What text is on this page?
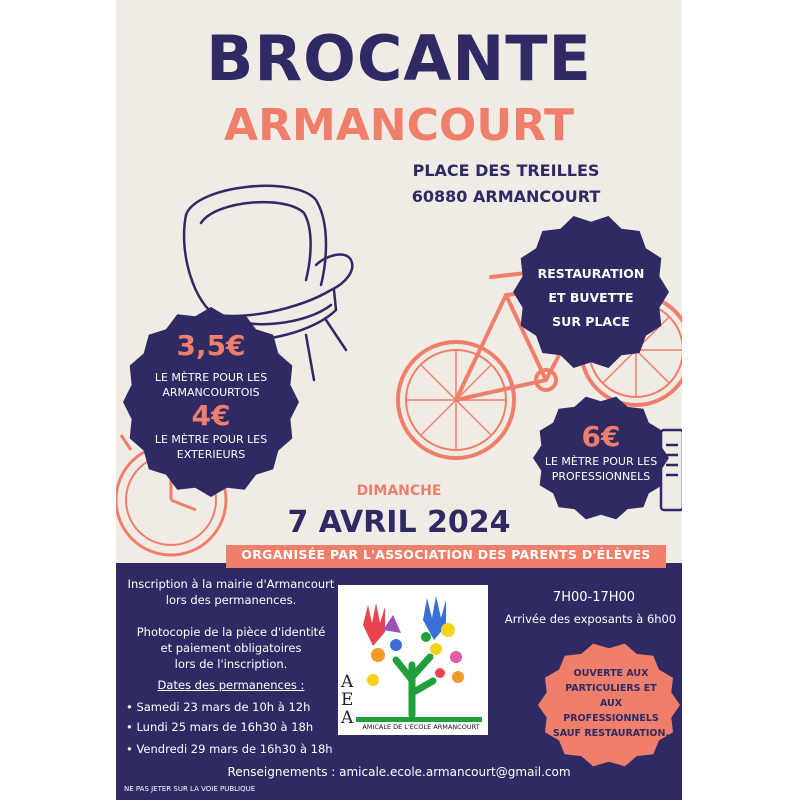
BROCANTE
ARMANCOURT
PLACE DES TREILLES
60880 ARMANCOURT
RESTAURATION
ET BUVETTE
SUR PLACE
3,5€
LE MÈTRE POUR LES
ARMANCOURTOIS
4€
LE MÈTRE POUR LES
EXTERIEURS
6€
LE MÈTRE POUR LES
PROFESSIONNELS
DIMANCHE
7 AVRIL 2024
ORGANISÉE PAR L'ASSOCIATION DES PARENTS D'ÉLÈVES
Inscription à la mairie d'Armancourt
lors des permanences.
Photocopie de la pièce d'identité
et paiement obligatoires
lors de l'inscription.
Dates des permanences :
• Samedi 23 mars de 10h à 12h
• Lundi 25 mars de 16h30 à 18h
• Vendredi 29 mars de 16h30 à 18h
AEA	AMICALE DE L'ÉCOLE ARMANCOURT
7H00-17H00
Arrivée des exposants à 6h00
OUVERTE AUX
PARTICULIERS ET
AUX
PROFESSIONNELS
SAUF RESTAURATION.
Renseignements : amicale.ecole.armancourt@gmail.com
NE PAS JETER SUR LA VOIE PUBLIQUE
